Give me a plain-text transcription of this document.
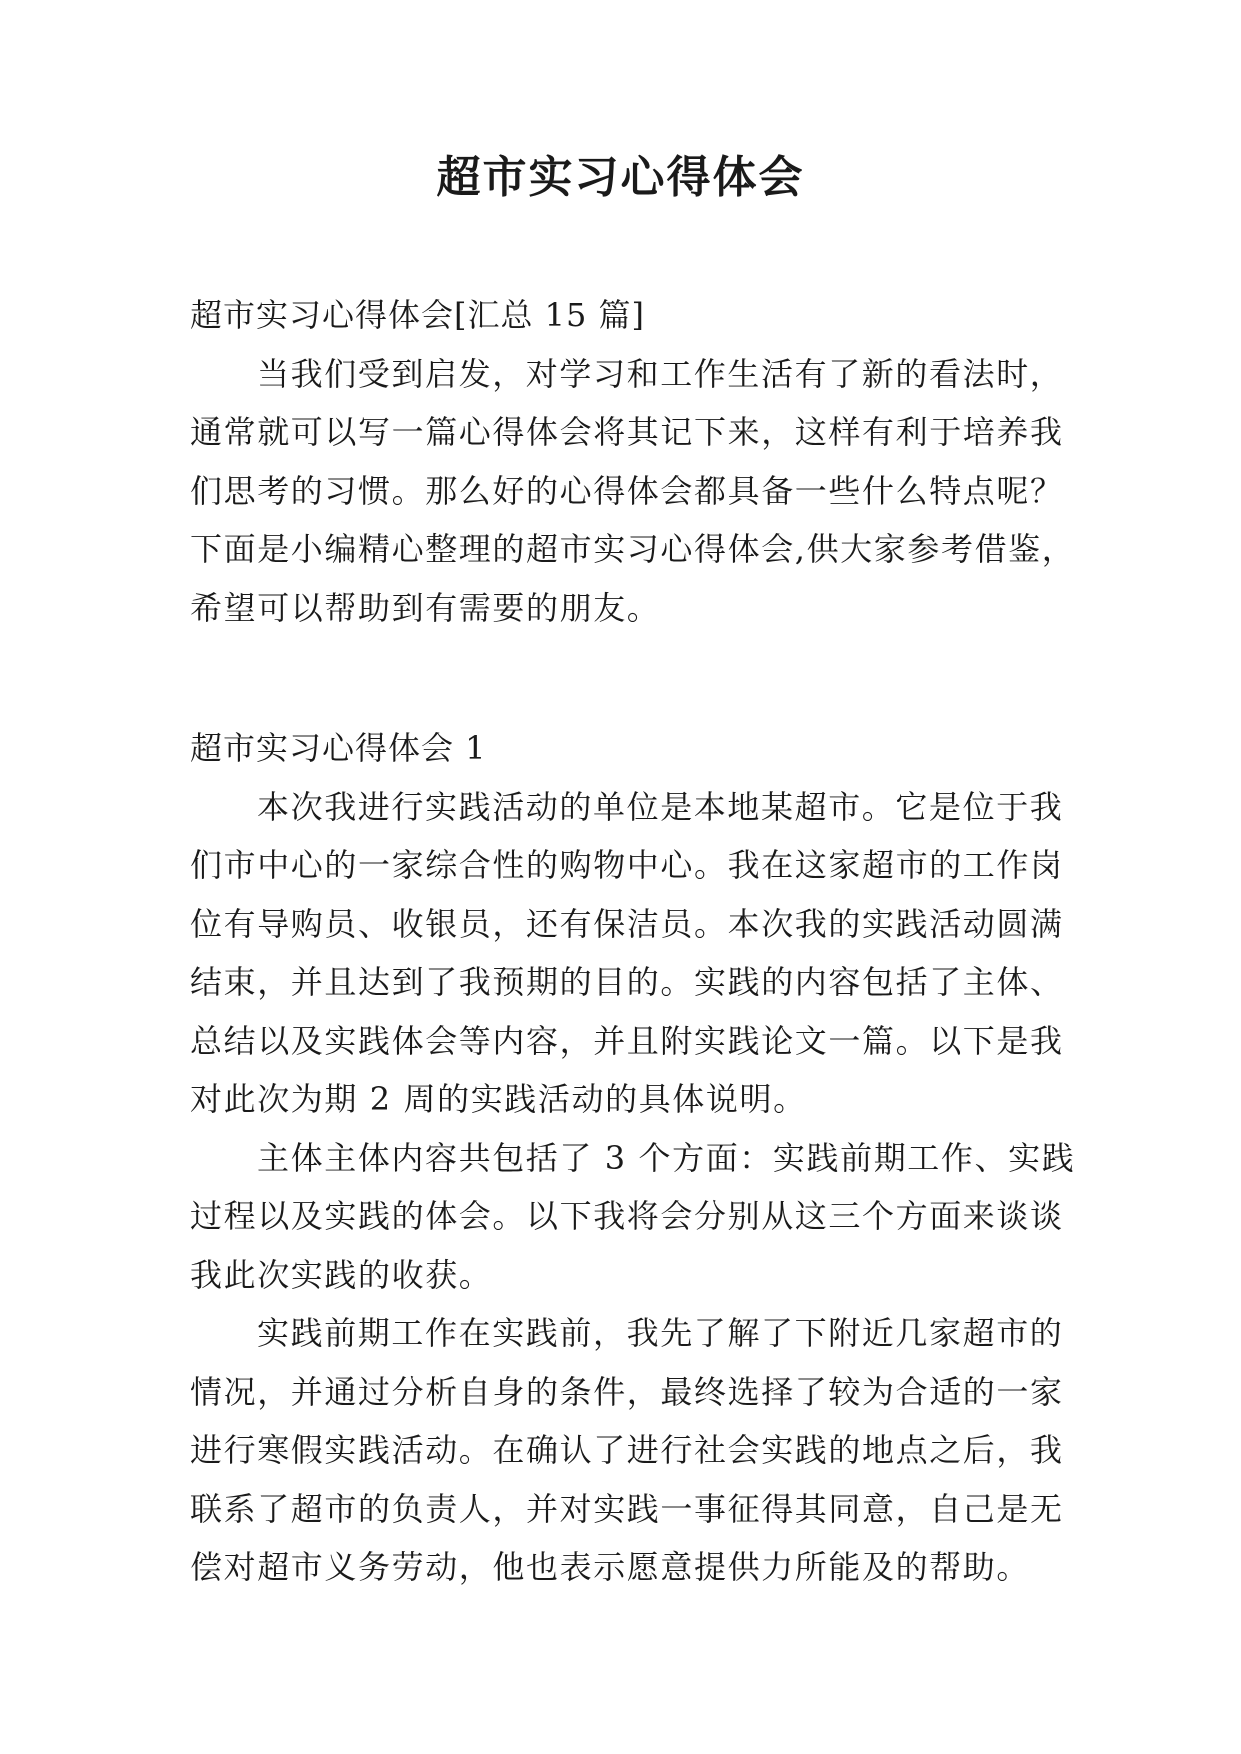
超市实习心得体会
超市实习心得体会[汇总 15 篇]
当我们受到启发，对学习和工作生活有了新的看法时，
通常就可以写一篇心得体会将其记下来，这样有利于培养我
们思考的习惯。那么好的心得体会都具备一些什么特点呢？
下面是小编精心整理的超市实习心得体会,供大家参考借鉴，
希望可以帮助到有需要的朋友。
超市实习心得体会 1
本次我进行实践活动的单位是本地某超市。它是位于我
们市中心的一家综合性的购物中心。我在这家超市的工作岗
位有导购员、收银员，还有保洁员。本次我的实践活动圆满
结束，并且达到了我预期的目的。实践的内容包括了主体、
总结以及实践体会等内容，并且附实践论文一篇。以下是我
对此次为期 2 周的实践活动的具体说明。
主体主体内容共包括了 3 个方面：实践前期工作、实践
过程以及实践的体会。以下我将会分别从这三个方面来谈谈
我此次实践的收获。
实践前期工作在实践前，我先了解了下附近几家超市的
情况，并通过分析自身的条件，最终选择了较为合适的一家
进行寒假实践活动。在确认了进行社会实践的地点之后，我
联系了超市的负责人，并对实践一事征得其同意，自己是无
偿对超市义务劳动，他也表示愿意提供力所能及的帮助。
